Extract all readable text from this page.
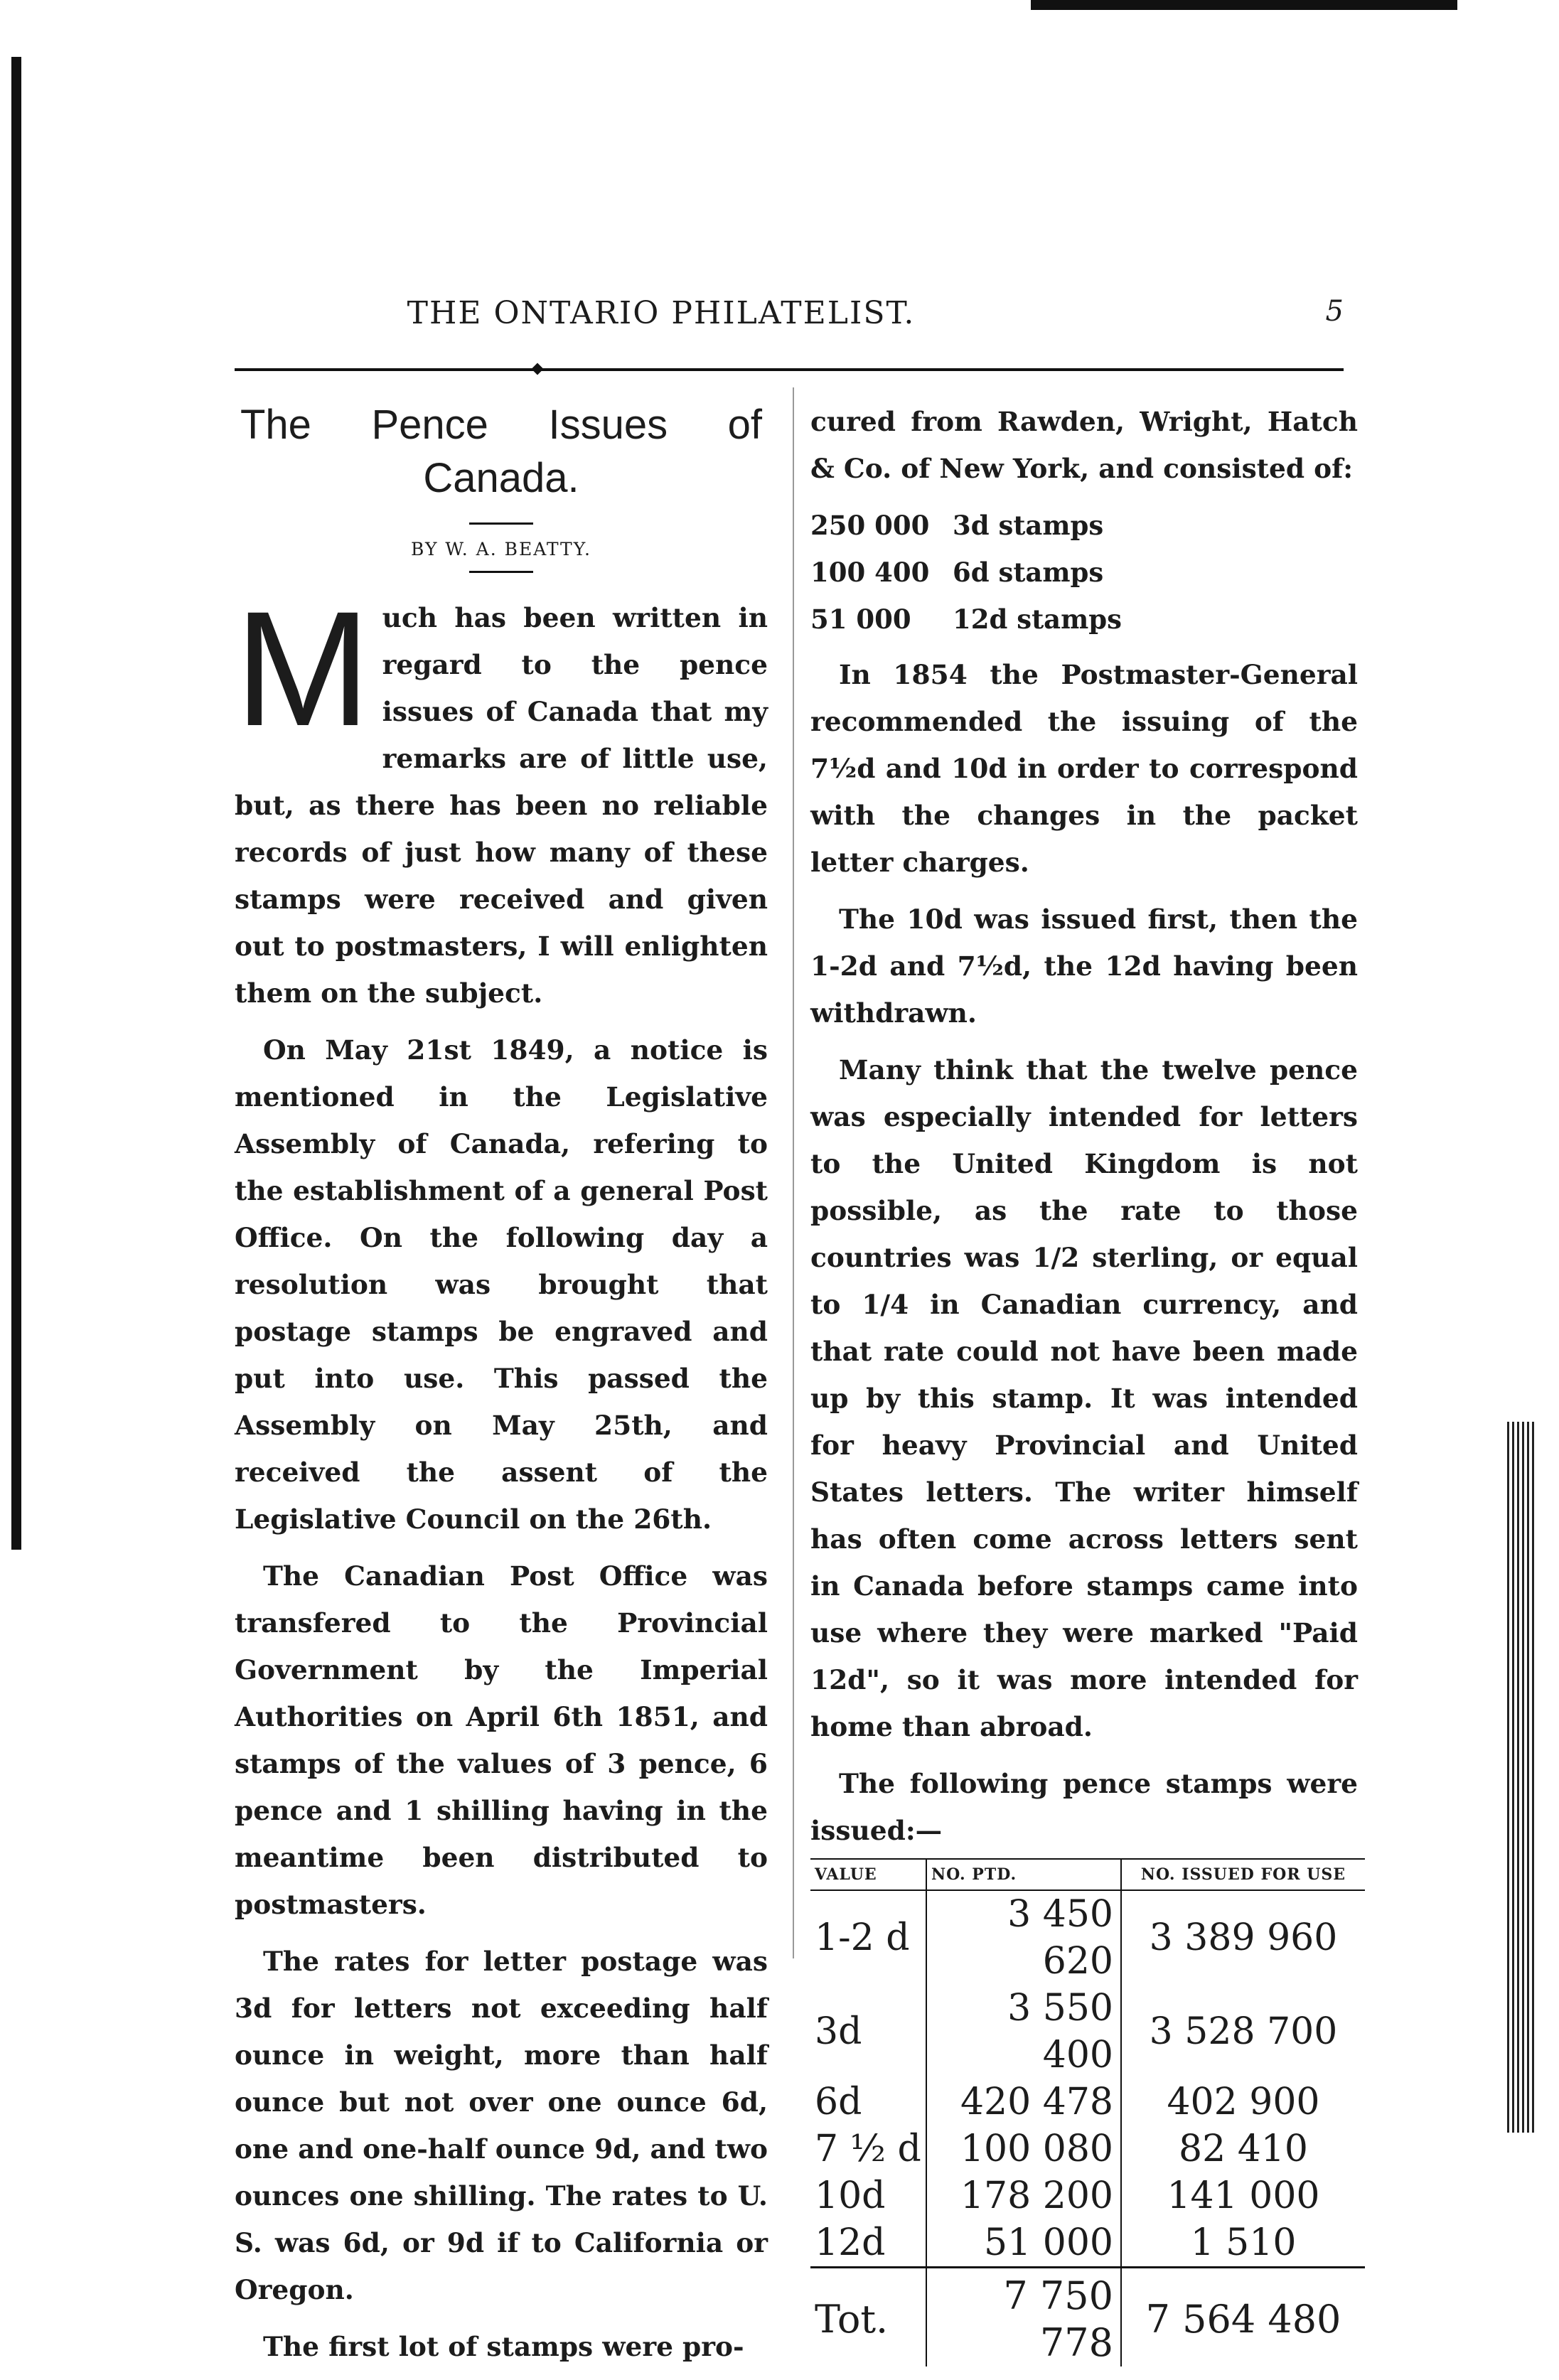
THE ONTARIO PHILATELIST.	5
The Pence Issues of
Canada.
BY W. A. BEATTY.

Much has been written in regard to the pence issues of Canada that my remarks are of little use, but, as there has been no reliable records of just how many of these stamps were received and given out to postmasters, I will enlighten them on the subject.

On May 21st 1849, a notice is mentioned in the Legislative Assembly of Canada, refering to the establishment of a general Post Office. On the following day a resolution was brought that postage stamps be engraved and put into use. This passed the Assembly on May 25th, and received the assent of the Legislative Council on the 26th.

The Canadian Post Office was transfered to the Provincial Government by the Imperial Authorities on April 6th 1851, and stamps of the values of 3 pence, 6 pence and 1 shilling having in the meantime been distributed to postmasters.

The rates for letter postage was 3d for letters not exceeding half ounce in weight, more than half ounce but not over one ounce 6d, one and one-half ounce 9d, and two ounces one shilling. The rates to U. S. was 6d, or 9d if to California or Oregon.

The first lot of stamps were pro-

cured from Rawden, Wright, Hatch & Co. of New York, and consisted of:

250 000 3d stamps

100 400 6d stamps

51 000 12d stamps

In 1854 the Postmaster-General recommended the issuing of the 7½d and 10d in order to correspond with the changes in the packet letter charges.

The 10d was issued first, then the 1-2d and 7½d, the 12d having been withdrawn.

Many think that the twelve pence was especially intended for letters to the United Kingdom is not possible, as the rate to those countries was 1/2 sterling, or equal to 1/4 in Canadian currency, and that rate could not have been made up by this stamp. It was intended for heavy Provincial and United States letters. The writer himself has often come across letters sent in Canada before stamps came into use where they were marked "Paid 12d", so it was more intended for home than abroad.

The following pence stamps were issued:—

VALUE	NO. PTD.	NO. ISSUED FOR USE
1-2 d	3 450 620	3 389 960
3d	3 550 400	3 528 700
6d	420 478	402 900
7 ½ d	100 080	82 410
10d	178 200	141 000
12d	51 000	1 510
Tot.	7 750 778	7 564 480
